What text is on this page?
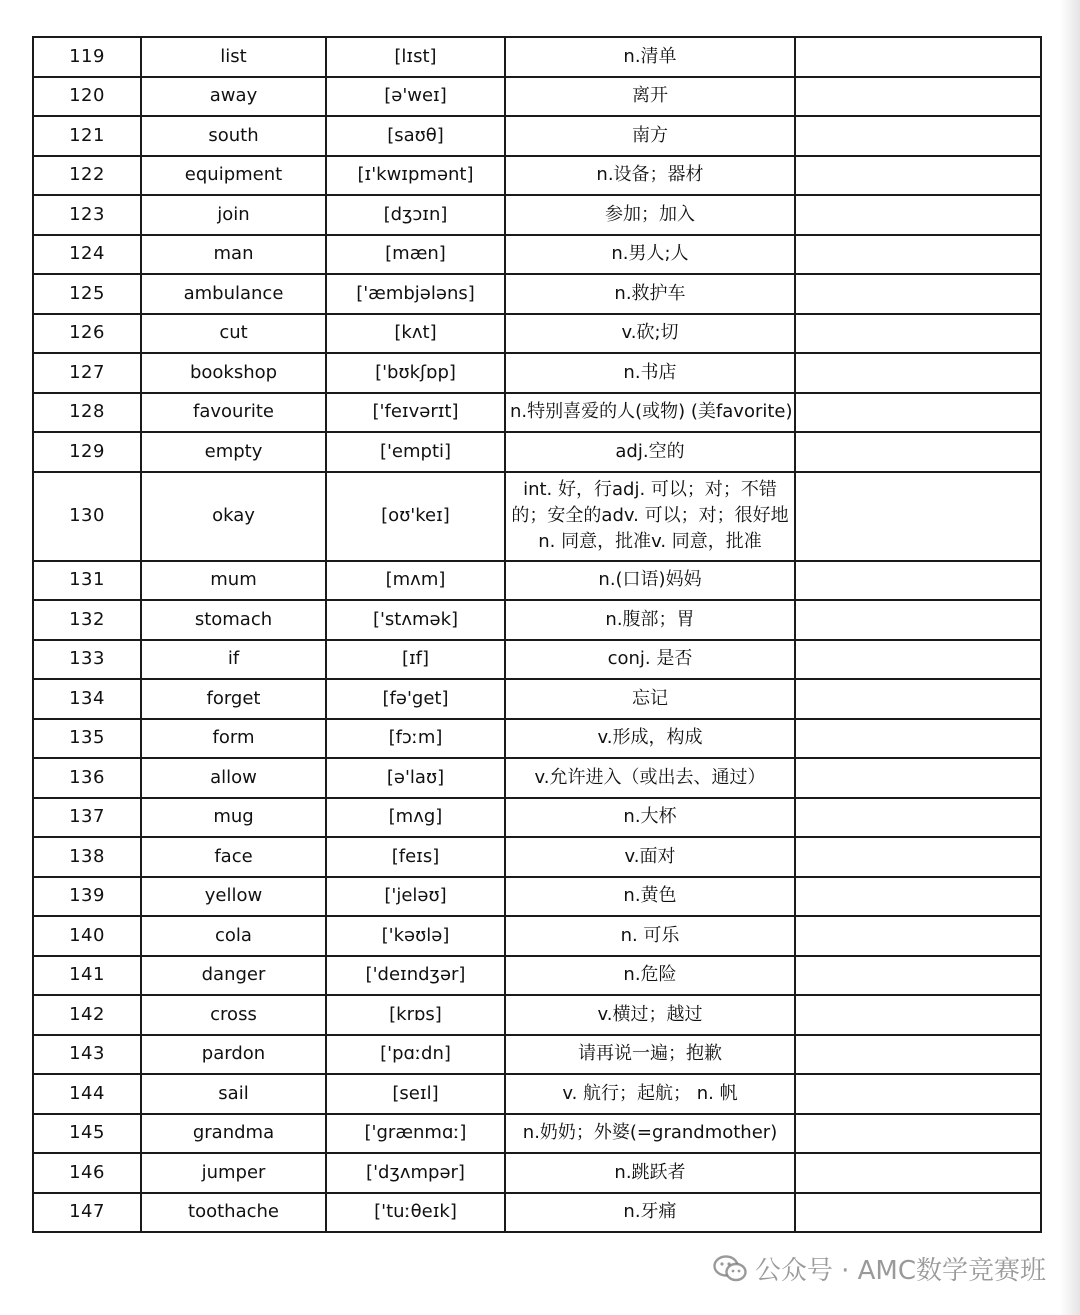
119	list	[lɪst]	n.清单	
120	away	[ə'weɪ]	离开	
121	south	[saʊθ]	南方	
122	equipment	[ɪ'kwɪpmənt]	n.设备；器材	
123	join	[dʒɔɪn]	参加；加入	
124	man	[mæn]	n.男人;人	
125	ambulance	['æmbjələns]	n.救护车	
126	cut	[kʌt]	v.砍;切	
127	bookshop	['bʊkʃɒp]	n.书店	
128	favourite	['feɪvərɪt]	n.特别喜爱的人(或物) (美favorite)	
129	empty	['empti]	adj.空的	
130	okay	[oʊ'keɪ]	int. 好，行adj. 可以；对；不错的；安全的adv. 可以；对；很好地n. 同意，批准v. 同意，批准	
131	mum	[mʌm]	n.(口语)妈妈	
132	stomach	['stʌmək]	n.腹部；胃	
133	if	[ɪf]	conj. 是否	
134	forget	[fə'get]	忘记	
135	form	[fɔːm]	v.形成，构成	
136	allow	[ə'laʊ]	v.允许进入（或出去、通过）	
137	mug	[mʌg]	n.大杯	
138	face	[feɪs]	v.面对	
139	yellow	['jeləʊ]	n.黄色	
140	cola	['kəʊlə]	n. 可乐	
141	danger	['deɪndʒər]	n.危险	
142	cross	[krɒs]	v.横过；越过	
143	pardon	['pɑːdn]	请再说一遍；抱歉	
144	sail	[seɪl]	v. 航行；起航； n. 帆	
145	grandma	['grænmɑː]	n.奶奶；外婆(=grandmother)	
146	jumper	['dʒʌmpər]	n.跳跃者	
147	toothache	['tuːθeɪk]	n.牙痛	
公众号 · AMC数学竞赛班
